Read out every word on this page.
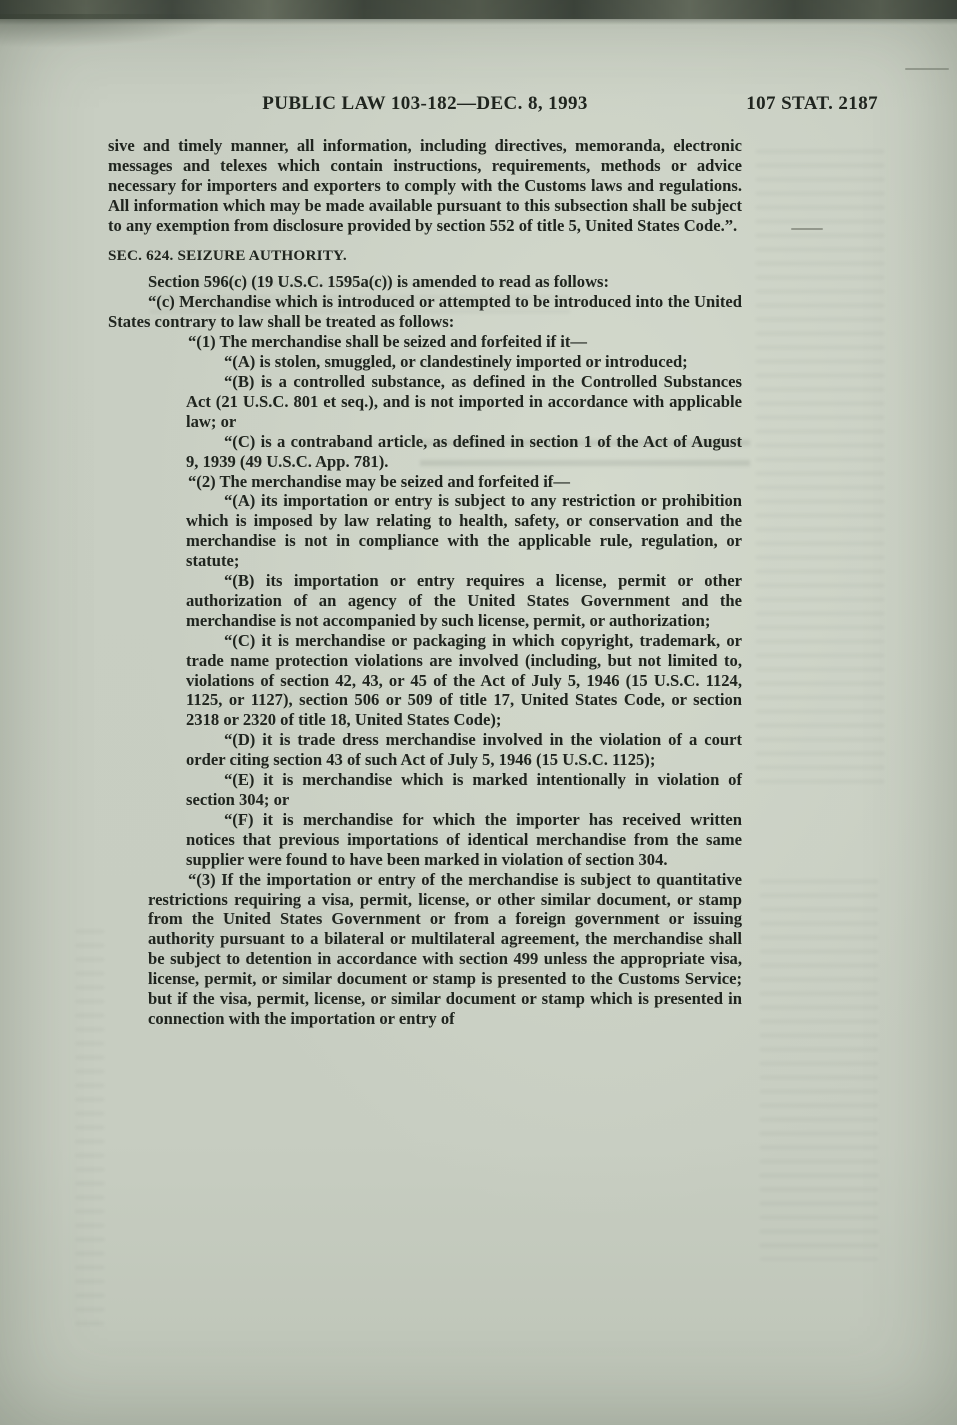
PUBLIC LAW 103-182—DEC. 8, 1993	107 STAT. 2187

sive and timely manner, all information, including directives, memoranda, electronic messages and telexes which contain instructions, requirements, methods or advice necessary for importers and exporters to comply with the Customs laws and regulations. All information which may be made available pursuant to this subsection shall be subject to any exemption from disclosure provided by section 552 of title 5, United States Code.”.

SEC. 624. SEIZURE AUTHORITY.

Section 596(c) (19 U.S.C. 1595a(c)) is amended to read as follows:

“(c) Merchandise which is introduced or attempted to be introduced into the United States contrary to law shall be treated as follows:

“(1) The merchandise shall be seized and forfeited if it—

“(A) is stolen, smuggled, or clandestinely imported or introduced;

“(B) is a controlled substance, as defined in the Controlled Substances Act (21 U.S.C. 801 et seq.), and is not imported in accordance with applicable law; or

“(C) is a contraband article, as defined in section 1 of the Act of August 9, 1939 (49 U.S.C. App. 781).

“(2) The merchandise may be seized and forfeited if—

“(A) its importation or entry is subject to any restriction or prohibition which is imposed by law relating to health, safety, or conservation and the merchandise is not in compliance with the applicable rule, regulation, or statute;

“(B) its importation or entry requires a license, permit or other authorization of an agency of the United States Government and the merchandise is not accompanied by such license, permit, or authorization;

“(C) it is merchandise or packaging in which copyright, trademark, or trade name protection violations are involved (including, but not limited to, violations of section 42, 43, or 45 of the Act of July 5, 1946 (15 U.S.C. 1124, 1125, or 1127), section 506 or 509 of title 17, United States Code, or section 2318 or 2320 of title 18, United States Code);

“(D) it is trade dress merchandise involved in the violation of a court order citing section 43 of such Act of July 5, 1946 (15 U.S.C. 1125);

“(E) it is merchandise which is marked intentionally in violation of section 304; or

“(F) it is merchandise for which the importer has received written notices that previous importations of identical merchandise from the same supplier were found to have been marked in violation of section 304.

“(3) If the importation or entry of the merchandise is subject to quantitative restrictions requiring a visa, permit, license, or other similar document, or stamp from the United States Government or from a foreign government or issuing authority pursuant to a bilateral or multilateral agreement, the merchandise shall be subject to detention in accordance with section 499 unless the appropriate visa, license, permit, or similar document or stamp is presented to the Customs Service; but if the visa, permit, license, or similar document or stamp which is presented in connection with the importation or entry of
